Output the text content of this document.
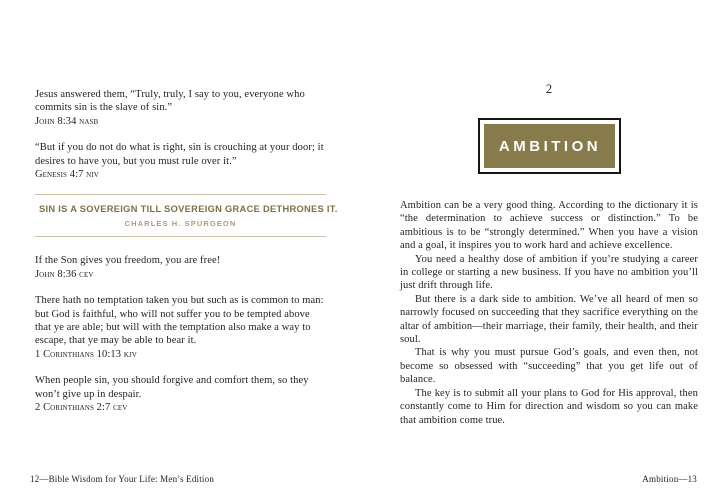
Jesus answered them, “Truly, truly, I say to you, everyone who commits sin is the slave of sin.”

John 8:34 nasb

“But if you do not do what is right, sin is crouching at your door; it desires to have you, but you must rule over it.”

Genesis 4:7 niv

SIN IS A SOVEREIGN TILL SOVEREIGN GRACE DETHRONES IT.
CHARLES H. SPURGEON

If the Son gives you freedom, you are free!

John 8:36 cev

There hath no temptation taken you but such as is common to man: but God is faithful, who will not suffer you to be tempted above that ye are able; but will with the temptation also make a way to escape, that ye may be able to bear it.

1 Corinthians 10:13 kjv

When people sin, you should forgive and comfort them, so they won’t give up in despair.

2 Corinthians 2:7 cev

2
AMBITION

Ambition can be a very good thing. According to the dictionary it is “the determination to achieve success or distinction.” To be ambitious is to be “strongly determined.” When you have a vision and a goal, it inspires you to work hard and achieve excellence.

You need a healthy dose of ambition if you’re studying a career in college or starting a new business. If you have no ambition you’ll just drift through life.

But there is a dark side to ambition. We’ve all heard of men so narrowly focused on succeeding that they sacrifice everything on the altar of ambition—their marriage, their family, their health, and their soul.

That is why you must pursue God’s goals, and even then, not become so obsessed with “succeeding” that you get life out of balance.

The key is to submit all your plans to God for His approval, then constantly come to Him for direction and wisdom so you can make that ambition come true.

12—Bible Wisdom for Your Life: Men’s Edition	Ambition—13
